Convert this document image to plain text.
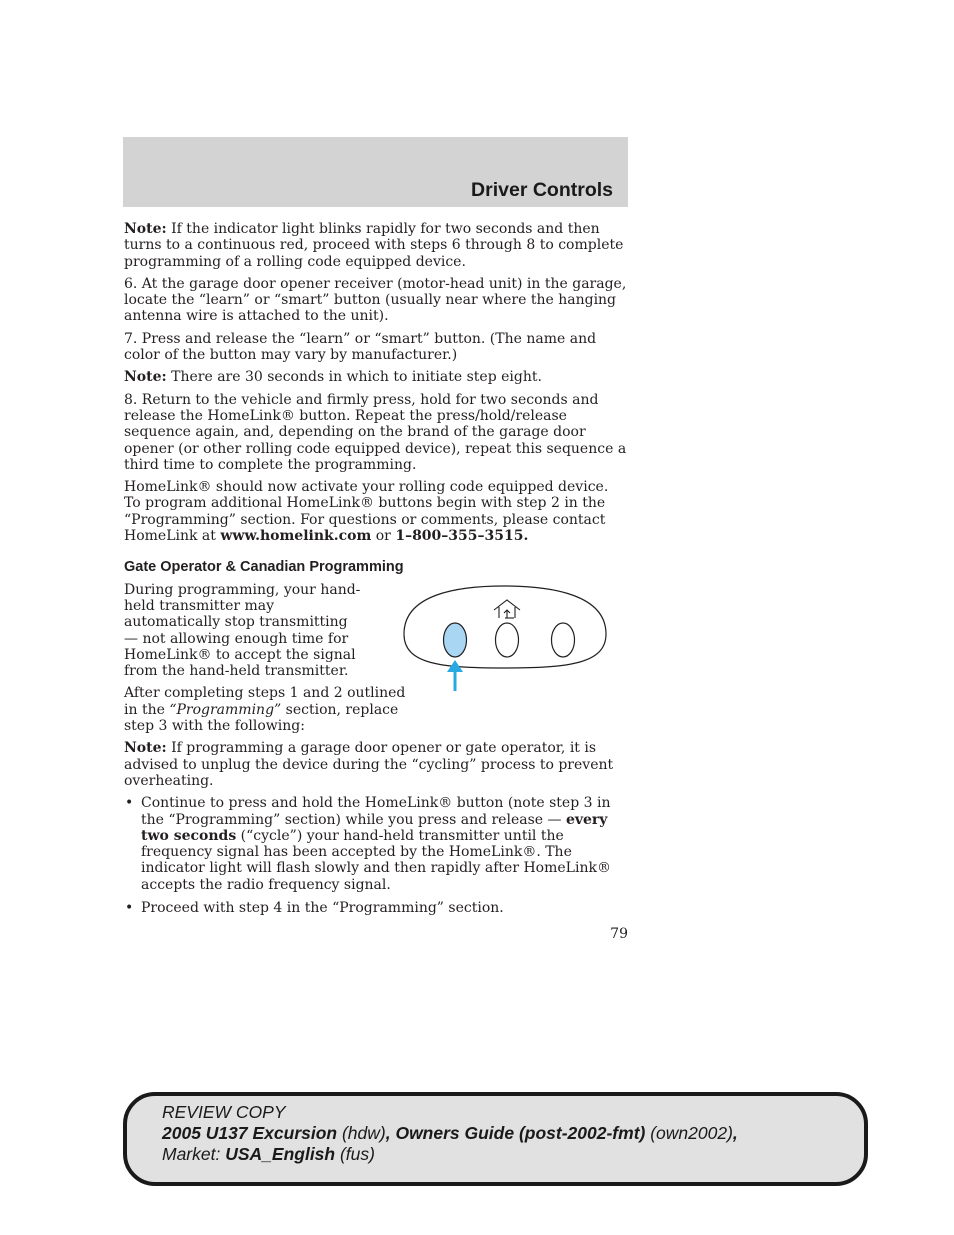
Driver Controls

Note: If the indicator light blinks rapidly for two seconds and then turns to a continuous red, proceed with steps 6 through 8 to complete programming of a rolling code equipped device.

6. At the garage door opener receiver (motor-head unit) in the garage, locate the “learn” or “smart” button (usually near where the hanging antenna wire is attached to the unit).

7. Press and release the “learn” or “smart” button. (The name and color of the button may vary by manufacturer.)

Note: There are 30 seconds in which to initiate step eight.

8. Return to the vehicle and firmly press, hold for two seconds and release the HomeLink® button. Repeat the press/hold/release sequence again, and, depending on the brand of the garage door opener (or other rolling code equipped device), repeat this sequence a third time to complete the programming.

HomeLink® should now activate your rolling code equipped device. To program additional HomeLink® buttons begin with step 2 in the “Programming” section. For questions or comments, please contact HomeLink at www.homelink.com or 1–800–355–3515.

Gate Operator & Canadian Programming

During programming, your hand-held transmitter may automatically stop transmitting — not allowing enough time for HomeLink® to accept the signal from the hand-held transmitter.

After completing steps 1 and 2 outlined in the “Programming” section, replace step 3 with the following:

Note: If programming a garage door opener or gate operator, it is advised to unplug the device during the “cycling” process to prevent overheating.

• Continue to press and hold the HomeLink® button (note step 3 in the “Programming” section) while you press and release — every two seconds (“cycle”) your hand-held transmitter until the frequency signal has been accepted by the HomeLink®. The indicator light will flash slowly and then rapidly after HomeLink® accepts the radio frequency signal.
• Proceed with step 4 in the “Programming” section.
79
REVIEW COPY
2005 U137 Excursion (hdw), Owners Guide (post-2002-fmt) (own2002),
Market: USA_English (fus)
